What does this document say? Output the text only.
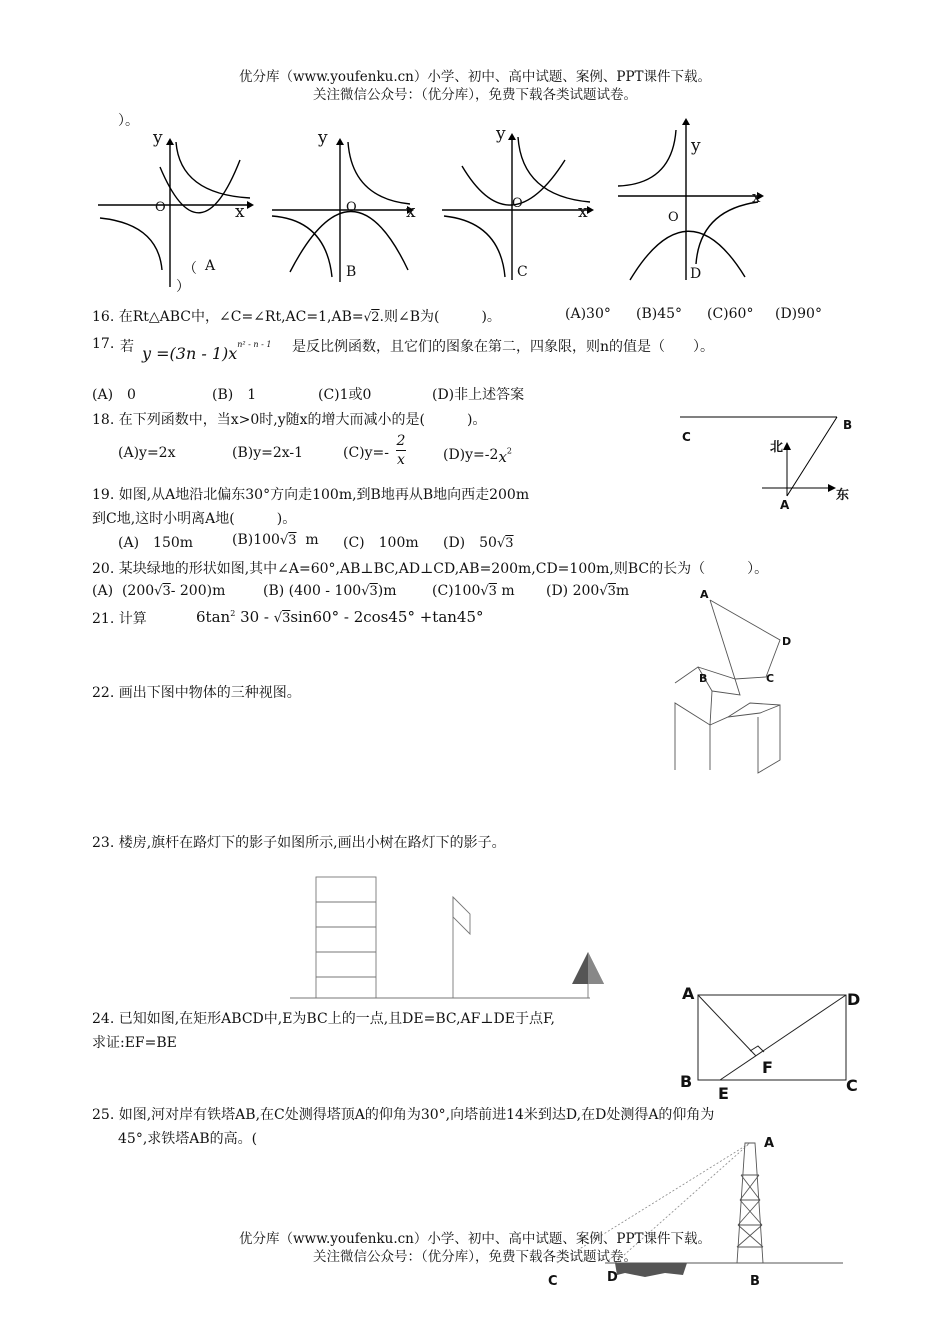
优分库（www.youfenku.cn）小学、初中、高中试题、案例、PPT课件下载。
关注微信公众号：（优分库），免费下载各类试题试卷。
）。
y
x
O
（ A
）
y
x
O
B
y
x
O
C
y
x
O
D
16. 在Rt△ABC中，∠C=∠Rt,AC=1,AB=√2.则∠B为(　　　)。	(A)30° (B)45° (C)60° (D)90°
17. 若 $y =(3n - 1)x^{n^2 - n - 1}$ 是反比例函数，且它们的图象在第二，四象限，则n的值是（　　）。
(A)　0	(B)　1	(C)1或0	(D)非上述答案
18. 在下列函数中，当x>0时,y随x的增大而减小的是(　　　)。
(A)y=2x	(B)y=2x-1	$(C)y=- \frac{2}{x}$	$(D)y=-2x^2$
C
B
北
东
A
19. 如图,从A地沿北偏东30°方向走100m,到B地再从B地向西走200m
到C地,这时小明离A地(　　　)。
(A)　150m	(B)100√3 m (C)　100m (D)　50√3
20. 某块绿地的形状如图,其中∠A=60°,AB⊥BC,AD⊥CD,AB=200m,CD=100m,则BC的长为（　　　）。
(A) (200√3- 200)m	(B) (400 - 100√3)m	(C)100√3 m (D) 200√3m	A
D
B	C
21. 计算	$6\tan^2$ 30 - √3sin60° - 2cos45° +tan45°
22. 画出下图中物体的三种视图。
23. 楼房,旗杆在路灯下的影子如图所示,画出小树在路灯下的影子。
24. 已知如图,在矩形ABCD中,E为BC上的一点,且DE=BC,AF⊥DE于点F,
求证:EF=BE
A	D
B
E
F
C
25. 如图,河对岸有铁塔AB,在C处测得塔顶A的仰角为30°,向塔前进14米到达D,在D处测得A的仰角为
45°,求铁塔AB的高。(	A
B
C	D
优分库（www.youfenku.cn）小学、初中、高中试题、案例、PPT课件下载。
关注微信公众号：（优分库），免费下载各类试题试卷。
